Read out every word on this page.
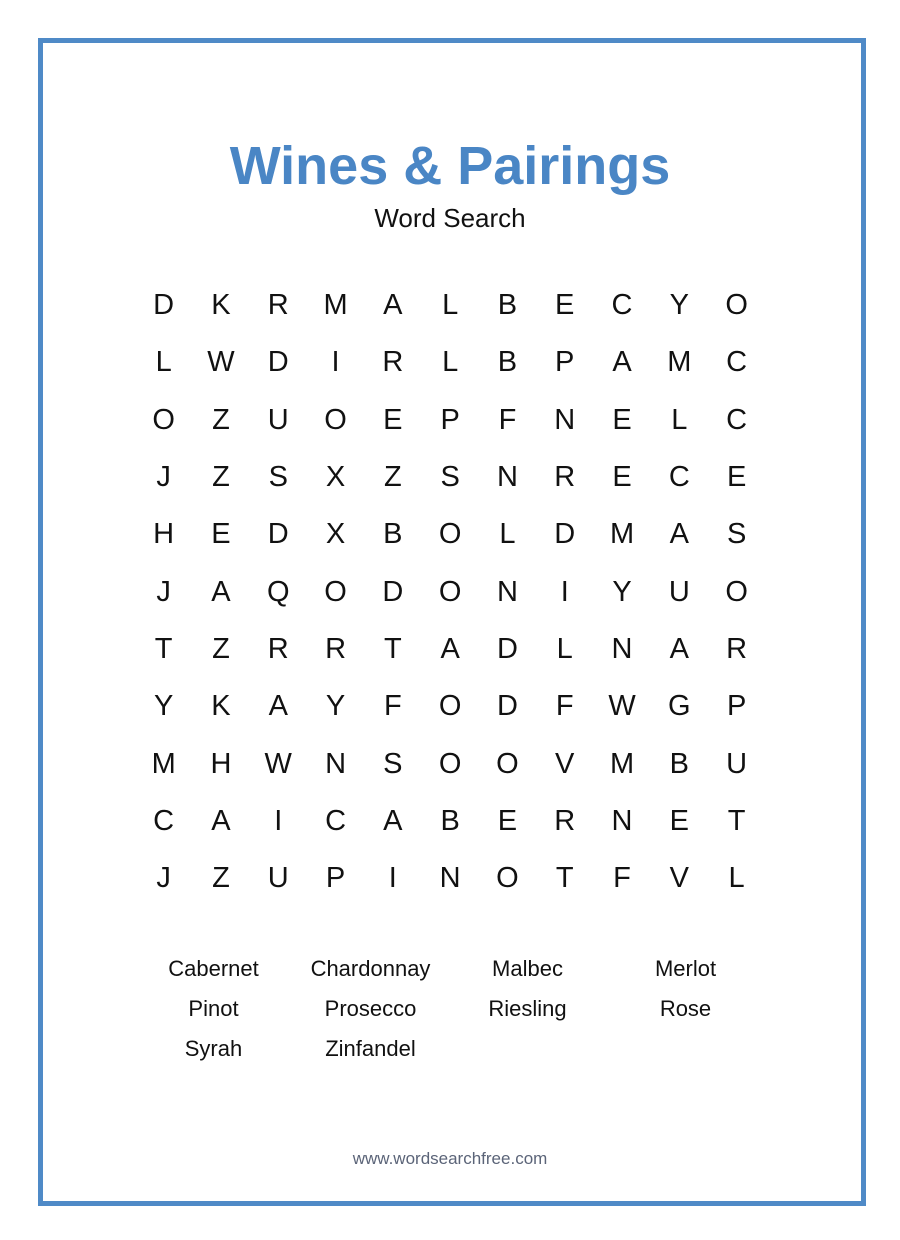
Wines & Pairings
Word Search
D	K	R	M	A	L	B	E	C	Y	O
L	W	D	I	R	L	B	P	A	M	C
O	Z	U	O	E	P	F	N	E	L	C
J	Z	S	X	Z	S	N	R	E	C	E
H	E	D	X	B	O	L	D	M	A	S
J	A	Q	O	D	O	N	I	Y	U	O
T	Z	R	R	T	A	D	L	N	A	R
Y	K	A	Y	F	O	D	F	W	G	P
M	H	W	N	S	O	O	V	M	B	U
C	A	I	C	A	B	E	R	N	E	T
J	Z	U	P	I	N	O	T	F	V	L
Cabernet	Chardonnay	Malbec	Merlot
Pinot	Prosecco	Riesling	Rose
Syrah	Zinfandel
www.wordsearchfree.com
